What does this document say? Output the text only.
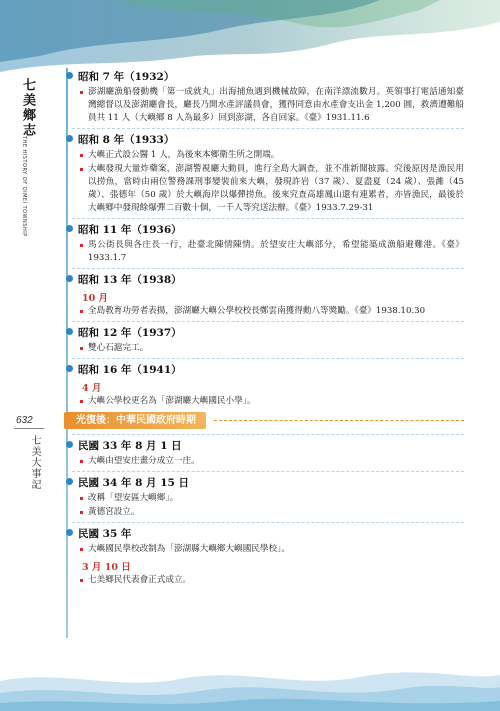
七美鄉志
THE HISTORY OF QIMEI TOWNSHIP
632
七美大事記
昭和 7 年（1932）
澎湖廳漁船發動機「第一成就丸」出海捕魚遇到機械故障，在南洋漂流數月。英領事打電話通知臺灣總督以及澎湖廳會長，廳長乃開水產評議員會，獲得同意由水產會支出金 1,200 圓，救濟遭難船員共 11 人（大嶼鄉 8 人為最多）回到澎湖，各自回家。《臺》1931.11.6
昭和 8 年（1933）
大嶼正式設公醫 1 人，為後來本鄉衛生所之開端。
大嶼發現大量炸藥案，澎湖警視廳大動員，進行全島大調查，並不准新聞披露。究後原因是漁民用以捞魚，當時由兩位警務課刑事變裝前來大嶼，發現許岩（37 歲）、夏盡夏（24 歲）、張濰（45 歲）、張德年（50 歲）於大嶼海岸以爆彈捞魚。後來究查高雄鳳山還有連累者，亦皆漁民，最後於大嶼鄉中發現餘爆彈二百數十個，一千人等究送法辦。《臺》1933.7.29-31
昭和 11 年（1936）
馬公街長與各庄長一行，赴臺北陳情陳情。於望安庄大嶼部分，希望能築成漁船避難港。《臺》1933.1.7
昭和 13 年（1938）
10 月
全島教育功勞者表揚，澎湖廳大嶼公學校校長鄭雲南獲得勳八等獎勵。《臺》1938.10.30
昭和 12 年（1937）
雙心石滬完工。
昭和 16 年（1941）
4 月
大嶼公學校更名為「澎湖廳大嶼國民小學」。
光復後：中華民國政府時期
民國 33 年 8 月 1 日
大嶼由望安庄畫分成立一庄。
民國 34 年 8 月 15 日
改稱「望安區大嶼鄉」。
黃德宮設立。
民國 35 年
大嶼國民學校改制為「澎湖縣大嶼鄉大嶼國民學校」。
3 月 10 日
七美鄉民代表會正式成立。
